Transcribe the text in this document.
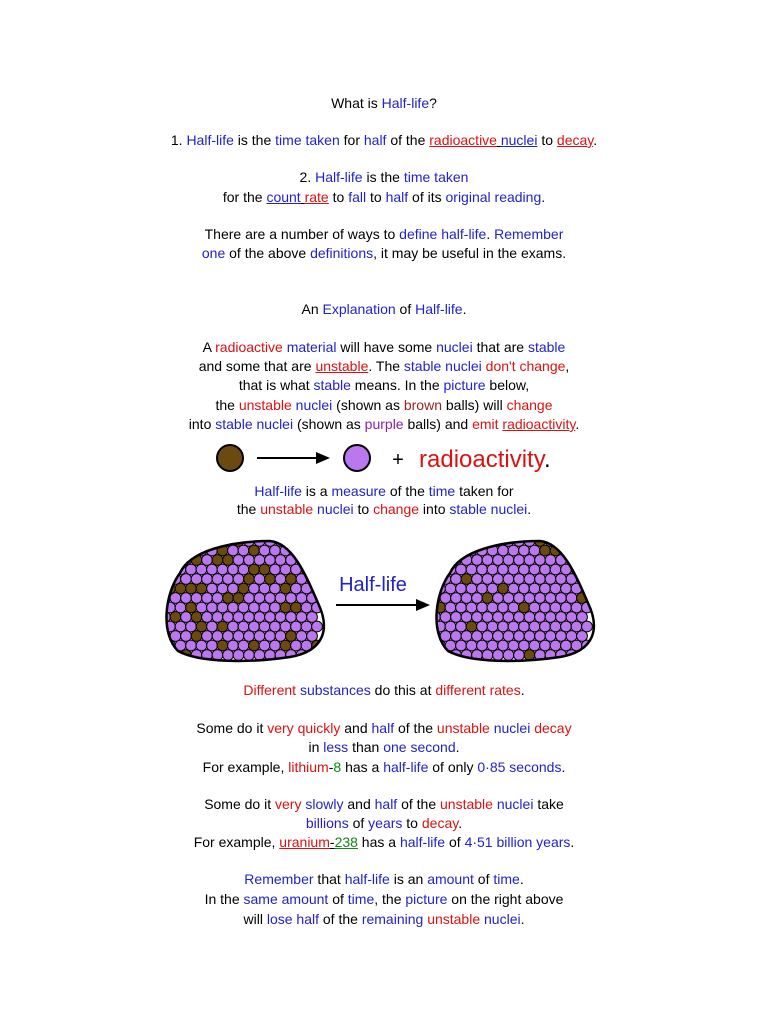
What is Half-life?
1. Half-life is the time taken for half of the radioactive nuclei to decay.
2. Half-life is the time taken
for the count rate to fall to half of its original reading.
There are a number of ways to define half-life. Remember
one of the above definitions, it may be useful in the exams.
An Explanation of Half-life.
A radioactive material will have some nuclei that are stable
and some that are unstable. The stable nuclei don't change,
that is what stable means. In the picture below,
the unstable nuclei (shown as brown balls) will change
into stable nuclei (shown as purple balls) and emit radioactivity.
+ radioactivity.
Half-life is a measure of the time taken for
the unstable nuclei to change into stable nuclei.
Half-life
Different substances do this at different rates.
Some do it very quickly and half of the unstable nuclei decay
in less than one second.
For example, lithium-8 has a half-life of only 0·85 seconds.
Some do it very slowly and half of the unstable nuclei take
billions of years to decay.
For example, uranium-238 has a half-life of 4·51 billion years.
Remember that half-life is an amount of time.
In the same amount of time, the picture on the right above
will lose half of the remaining unstable nuclei.
